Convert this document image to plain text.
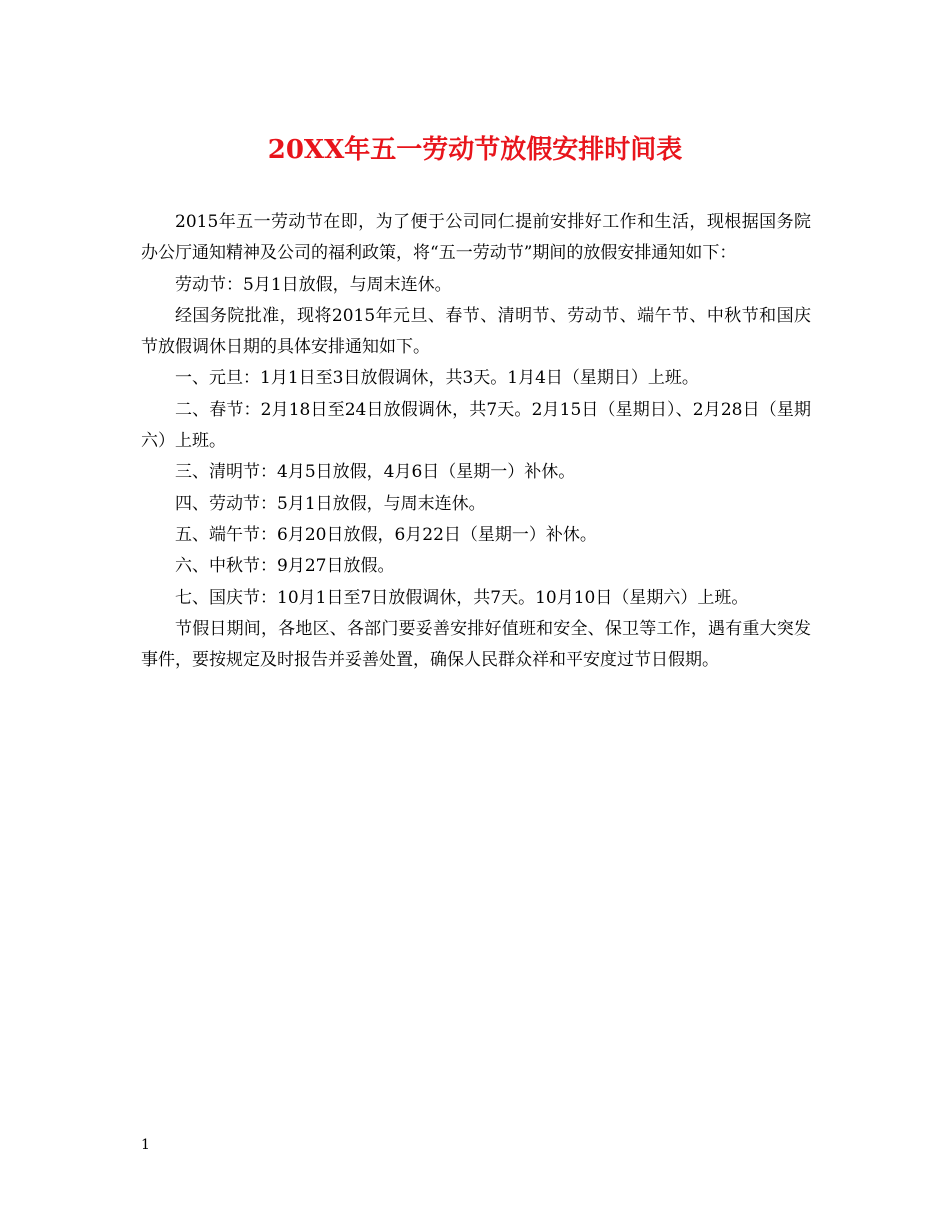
20XX年五一劳动节放假安排时间表

2015年五一劳动节在即，为了便于公司同仁提前安排好工作和生活，现根据国务院办公厅通知精神及公司的福利政策，将“五一劳动节”期间的放假安排通知如下：

劳动节：5月1日放假，与周末连休。

经国务院批准，现将2015年元旦、春节、清明节、劳动节、端午节、中秋节和国庆节放假调休日期的具体安排通知如下。

一、元旦：1月1日至3日放假调休，共3天。1月4日（星期日）上班。

二、春节：2月18日至24日放假调休，共7天。2月15日（星期日）、2月28日（星期六）上班。

三、清明节：4月5日放假，4月6日（星期一）补休。

四、劳动节：5月1日放假，与周末连休。

五、端午节：6月20日放假，6月22日（星期一）补休。

六、中秋节：9月27日放假。

七、国庆节：10月1日至7日放假调休，共7天。10月10日（星期六）上班。

节假日期间，各地区、各部门要妥善安排好值班和安全、保卫等工作，遇有重大突发事件，要按规定及时报告并妥善处置，确保人民群众祥和平安度过节日假期。

1
